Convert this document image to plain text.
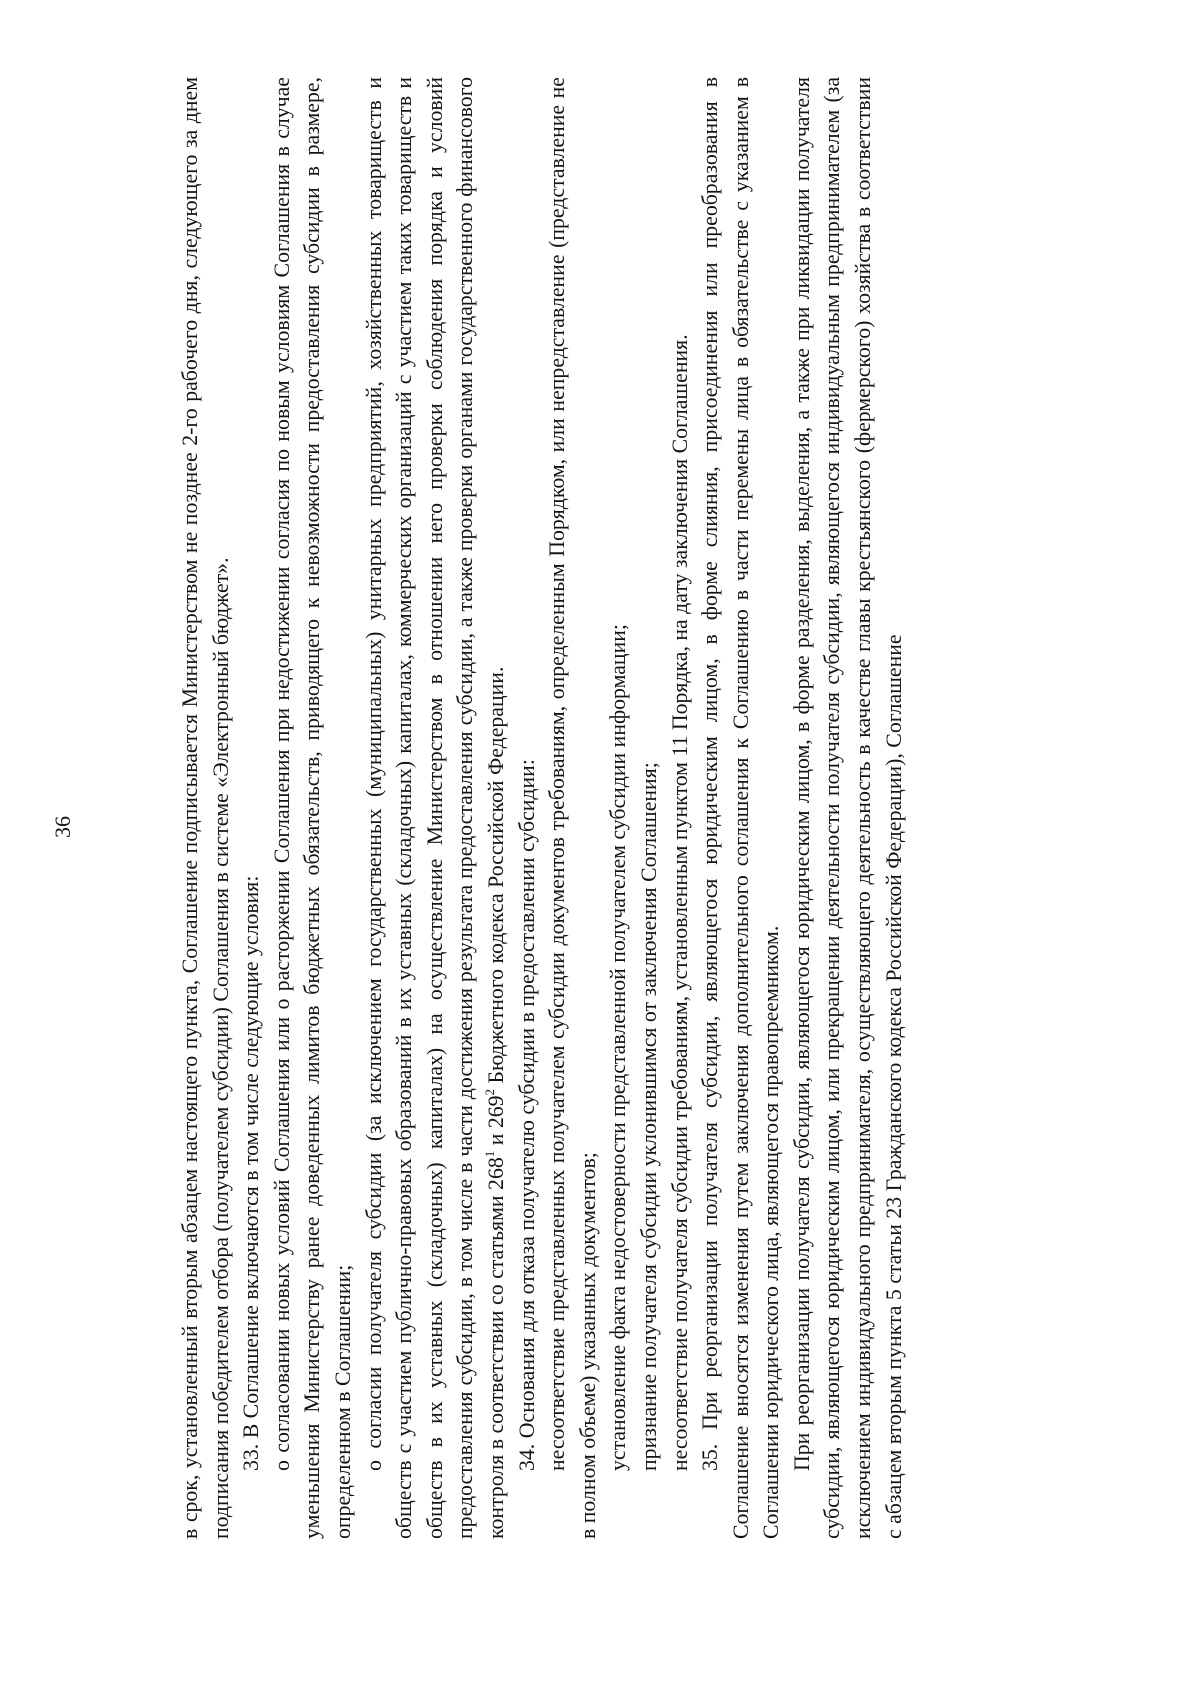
36	в срок, установленный вторым абзацем настоящего пункта, Соглашение подписывается Министерством не позднее 2-го рабочего дня, следующего за днем подписания победителем отбора (получателем субсидии) Соглашения в системе «Электронный бюджет». 33. В Соглашение включаются в том числе следующие условия: о согласовании новых условий Соглашения или о расторжении Соглашения при недостижении согласия по новым условиям Соглашения в случае уменьшения Министерству ранее доведенных лимитов бюджетных обязательств, приводящего к невозможности предоставления субсидии в размере, определенном в Соглашении; о согласии получателя субсидии (за исключением государственных (муниципальных) унитарных предприятий, хозяйственных товариществ и обществ с участием публично-правовых образований в их уставных (складочных) капиталах, коммерческих организаций с участием таких товариществ и обществ в их уставных (складочных) капиталах) на осуществление Министерством в отношении него проверки соблюдения порядка и условий предоставления субсидии, в том числе в части достижения результата предоставления субсидии, а также проверки органами государственного финансового контроля в соответствии со статьями $268^1$ и $269^2$ Бюджетного кодекса Российской Федерации. 34. Основания для отказа получателю субсидии в предоставлении субсидии: несоответствие представленных получателем субсидии документов требованиям, определенным Порядком, или непредставление (представление не в полном объеме) указанных документов; установление факта недостоверности представленной получателем субсидии информации; признание получателя субсидии уклонившимся от заключения Соглашения; несоответствие получателя субсидии требованиям, установленным пунктом 11 Порядка, на дату заключения Соглашения. 35. При реорганизации получателя субсидии, являющегося юридическим лицом, в форме слияния, присоединения или преобразования в Соглашение вносятся изменения путем заключения дополнительного соглашения к Соглашению в части перемены лица в обязательстве с указанием в Соглашении юридического лица, являющегося правопреемником. При реорганизации получателя субсидии, являющегося юридическим лицом, в форме разделения, выделения, а также при ликвидации получателя субсидии, являющегося юридическим лицом, или прекращении деятельности получателя субсидии, являющегося индивидуальным предпринимателем (за исключением индивидуального предпринимателя, осуществляющего деятельность в качестве главы крестьянского (фермерского) хозяйства в соответствии с абзацем вторым пункта 5 статьи 23 Гражданского кодекса Российской Федерации), Соглашение
